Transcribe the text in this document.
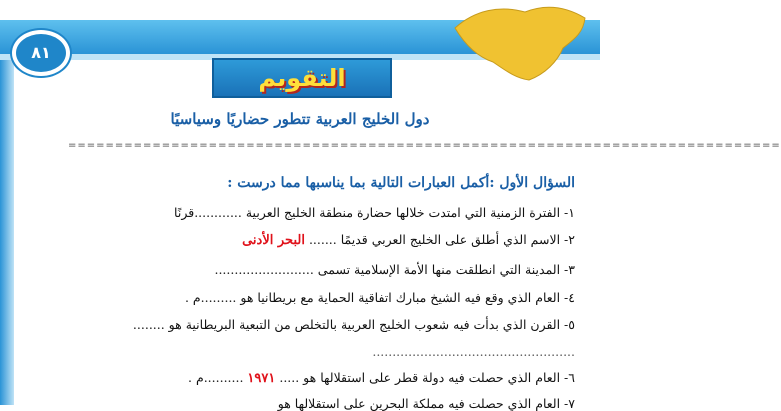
٨١
التقويم
دول الخليج العربية تتطور حضاريًا وسياسيًا
============================================================================
السؤال الأول :أكمل العبارات التالية بما يناسبها مما درست :
١- الفترة الزمنية التي امتدت خلالها حضارة منطقة الخليج العربية ............قرنًا
٢- الاسم الذي أطلق على الخليج العربي قديمًا ....... البحر الأدنى
٣- المدينة التي انطلقت منها الأمة الإسلامية تسمى .........................
٤- العام الذي وقع فيه الشيخ مبارك اتفاقية الحماية مع بريطانيا هو .........م .
٥- القرن الذي بدأت فيه شعوب الخليج العربية بالتخلص من التبعية البريطانية هو ........
...................................................
٦- العام الذي حصلت فيه دولة قطر على استقلالها هو ..... ١٩٧١ ..........م .
٧- العام الذي حصلت فيه مملكة البحرين على استقلالها هو
